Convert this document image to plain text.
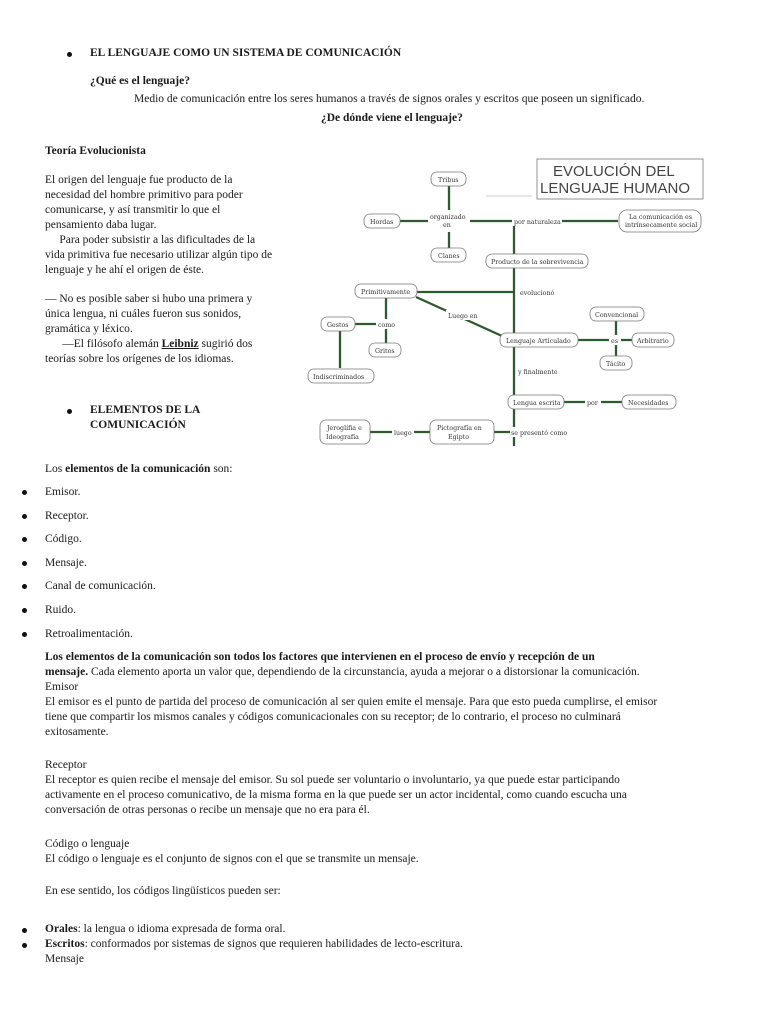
EL LENGUAJE COMO UN SISTEMA DE COMUNICACIÓN
¿Qué es el lenguaje?
Medio de comunicación entre los seres humanos a través de signos orales y escritos que poseen un significado.
¿De dónde viene el lenguaje?
Teoría Evolucionista
El origen del lenguaje fue producto de la
necesidad del hombre primitivo para poder
comunicarse, y así transmitir lo que el
pensamiento daba lugar.
Para poder subsistir a las dificultades de la
vida primitiva fue necesario utilizar algún tipo de
lenguaje y he ahí el origen de éste.
— No es posible saber si hubo una primera y
única lengua, ni cuáles fueron sus sonidos,
gramática y léxico.
—El filósofo alemán Leibniz sugirió dos
teorías sobre los orígenes de los idiomas.
EVOLUCIÓN DEL
LENGUAJE HUMANO
Tribus
Hordas
organizado
en
Clanes
por naturaleza
La comunicación es
intrínsecamente social
Producto de la sobrevivencia
evolucionó
Primitivamente
Gestos	como
Gritos
Indiscriminados
Luego en
Lenguaje Articulado
Convencional
es	Arbitrario
Tácito
y finalmente
Lengua escrita	por	Necesidades
Jeroglífia e
Ideografía
luego
Pictografía en
Egipto
se presentó como
ELEMENTOS DE LA
COMUNICACIÓN
Los elementos de la comunicación son:
Emisor.
Receptor.
Código.
Mensaje.
Canal de comunicación.
Ruido.
Retroalimentación.
Los elementos de la comunicación son todos los factores que intervienen en el proceso de envío y recepción de un
mensaje. Cada elemento aporta un valor que, dependiendo de la circunstancia, ayuda a mejorar o a distorsionar la comunicación.
Emisor
El emisor es el punto de partida del proceso de comunicación al ser quien emite el mensaje. Para que esto pueda cumplirse, el emisor
tiene que compartir los mismos canales y códigos comunicacionales con su receptor; de lo contrario, el proceso no culminará
exitosamente.
Receptor
El receptor es quien recibe el mensaje del emisor. Su sol puede ser voluntario o involuntario, ya que puede estar participando
activamente en el proceso comunicativo, de la misma forma en la que puede ser un actor incidental, como cuando escucha una
conversación de otras personas o recibe un mensaje que no era para él.
Código o lenguaje
El código o lenguaje es el conjunto de signos con el que se transmite un mensaje.
En ese sentido, los códigos lingüísticos pueden ser:
Orales: la lengua o idioma expresada de forma oral.
Escritos: conformados por sistemas de signos que requieren habilidades de lecto-escritura.
Mensaje
